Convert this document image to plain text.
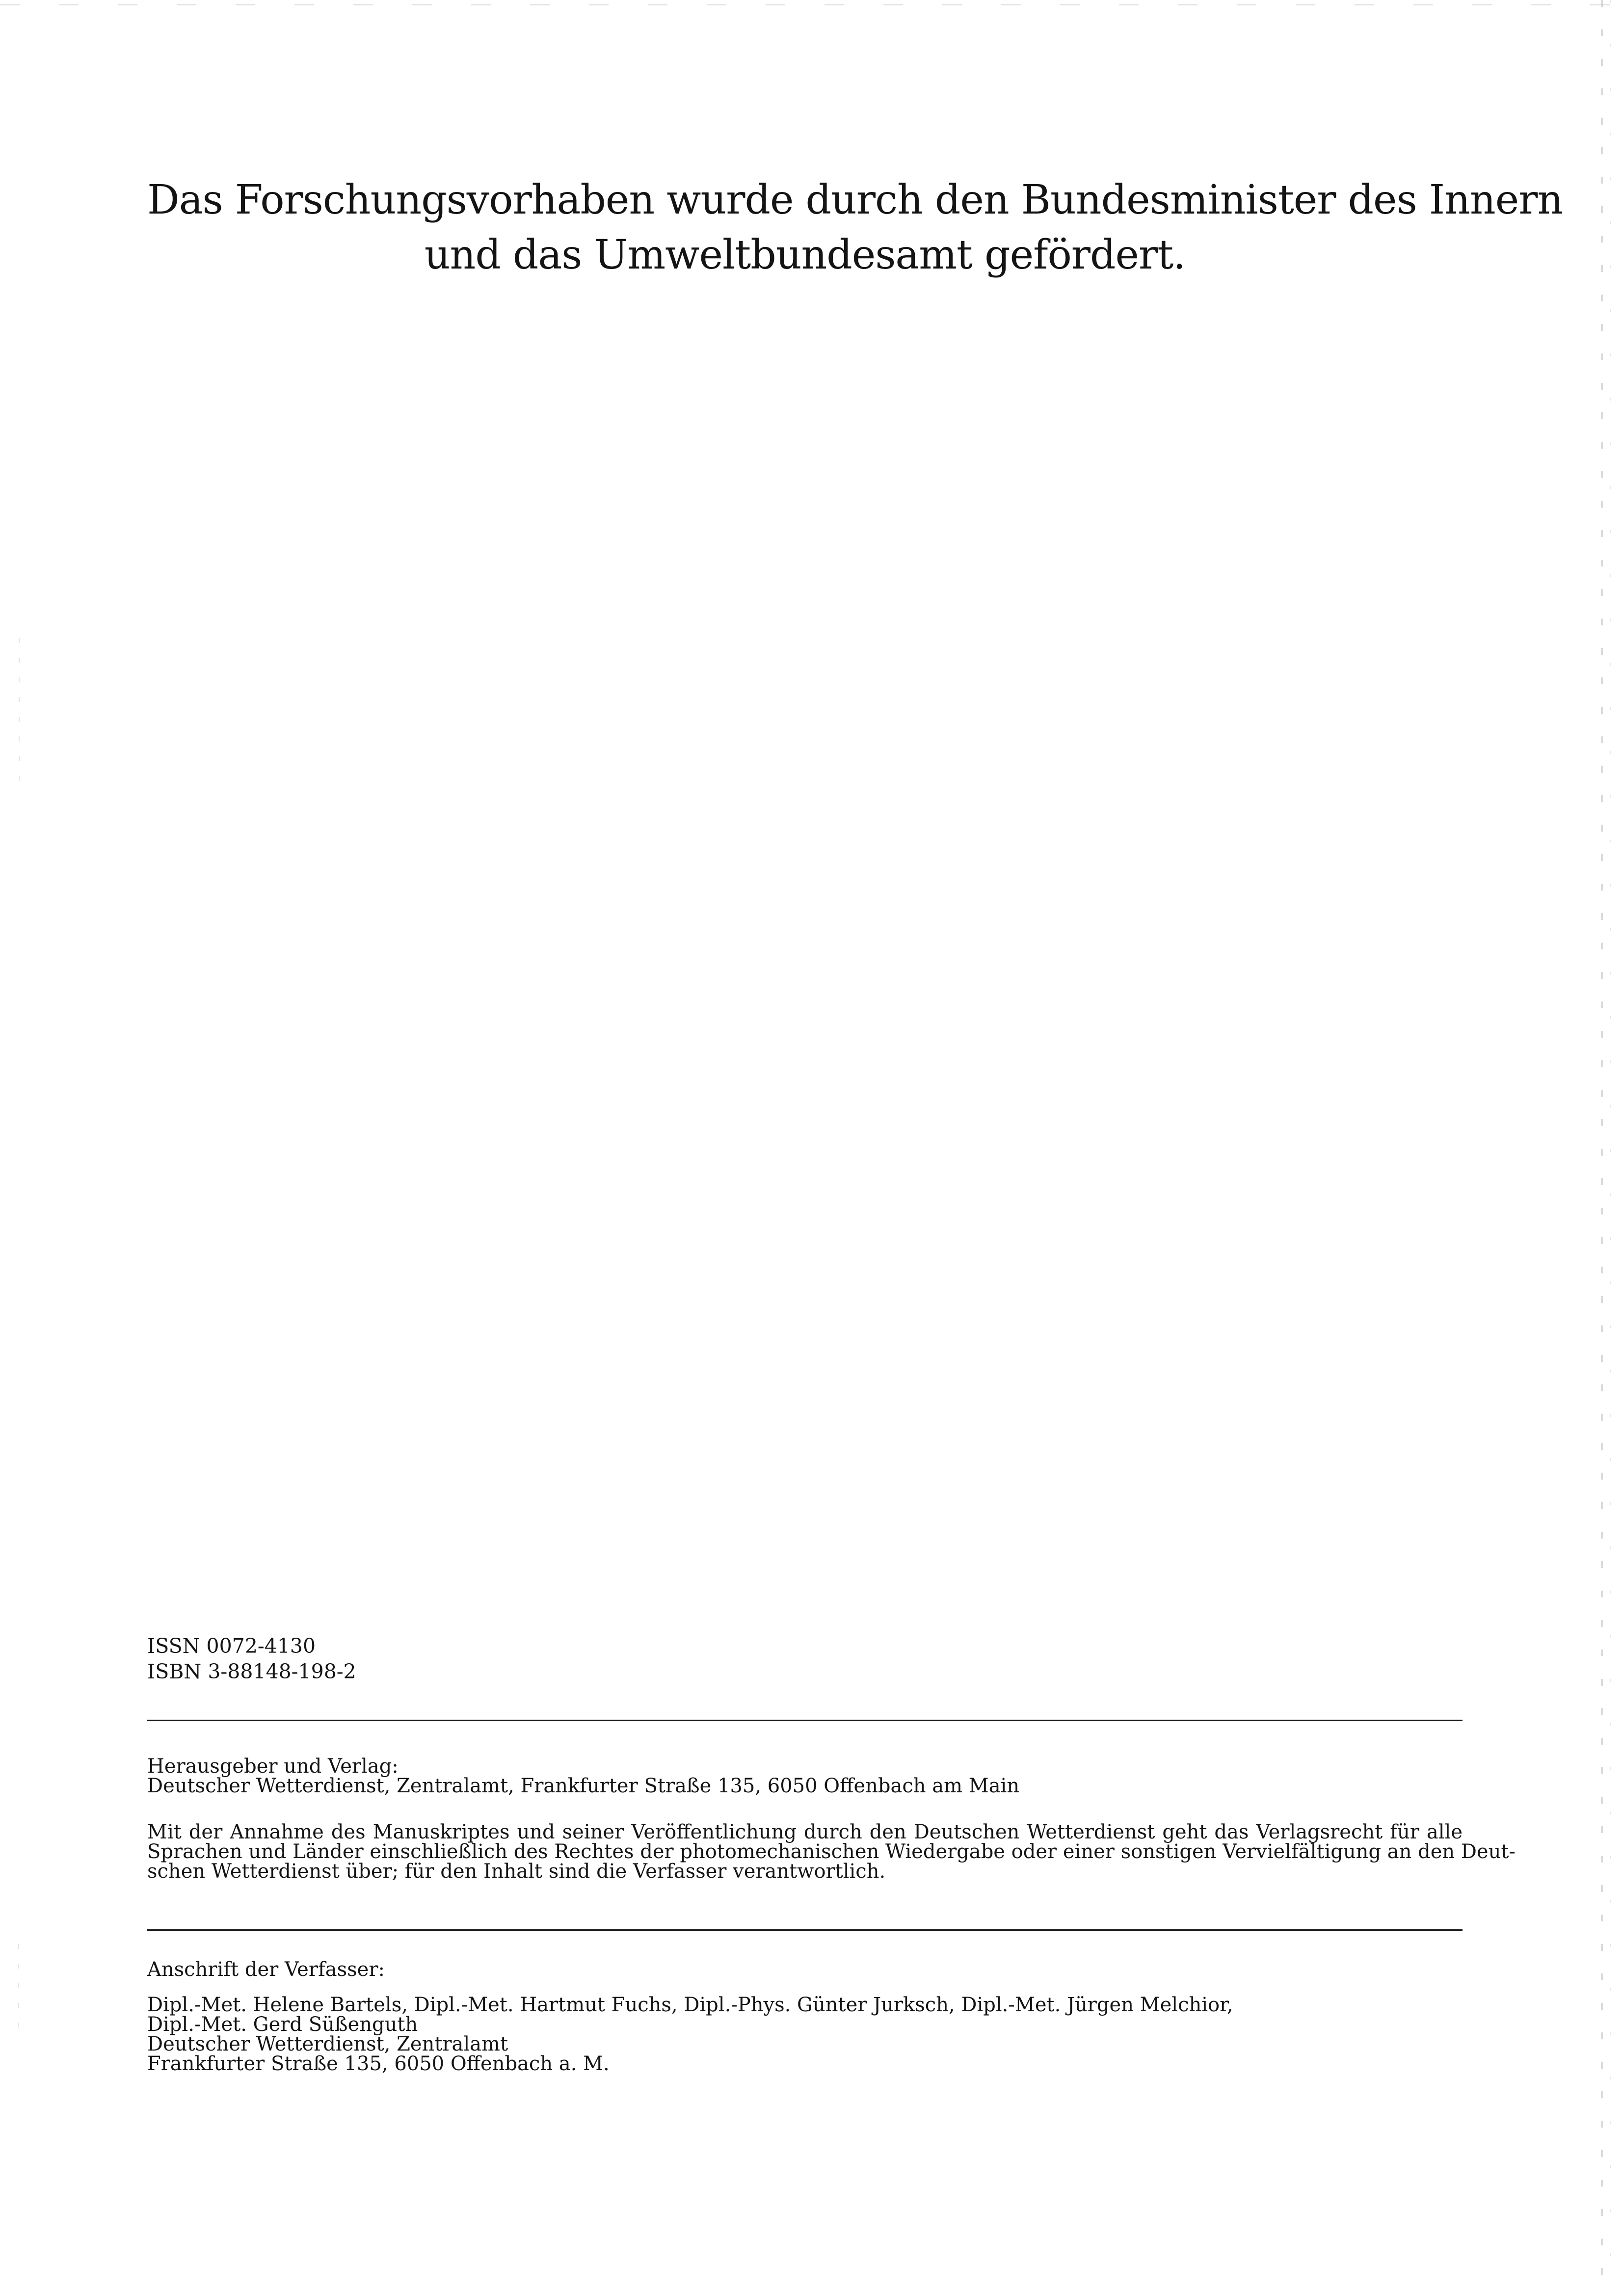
Das Forschungsvorhaben wurde durch den Bundesminister des Innern
und das Umweltbundesamt gefördert.
ISSN 0072-4130
ISBN 3-88148-198-2
Herausgeber und Verlag:
Deutscher Wetterdienst, Zentralamt, Frankfurter Straße 135, 6050 Offenbach am Main
Mit der Annahme des Manuskriptes und seiner Veröffentlichung durch den Deutschen Wetterdienst geht das Verlagsrecht für alle
Sprachen und Länder einschließlich des Rechtes der photomechanischen Wiedergabe oder einer sonstigen Vervielfältigung an den Deut-
schen Wetterdienst über; für den Inhalt sind die Verfasser verantwortlich.
Anschrift der Verfasser:
Dipl.-Met. Helene Bartels, Dipl.-Met. Hartmut Fuchs, Dipl.-Phys. Günter Jurksch, Dipl.-Met. Jürgen Melchior,
Dipl.-Met. Gerd Süßenguth
Deutscher Wetterdienst, Zentralamt
Frankfurter Straße 135, 6050 Offenbach a. M.
